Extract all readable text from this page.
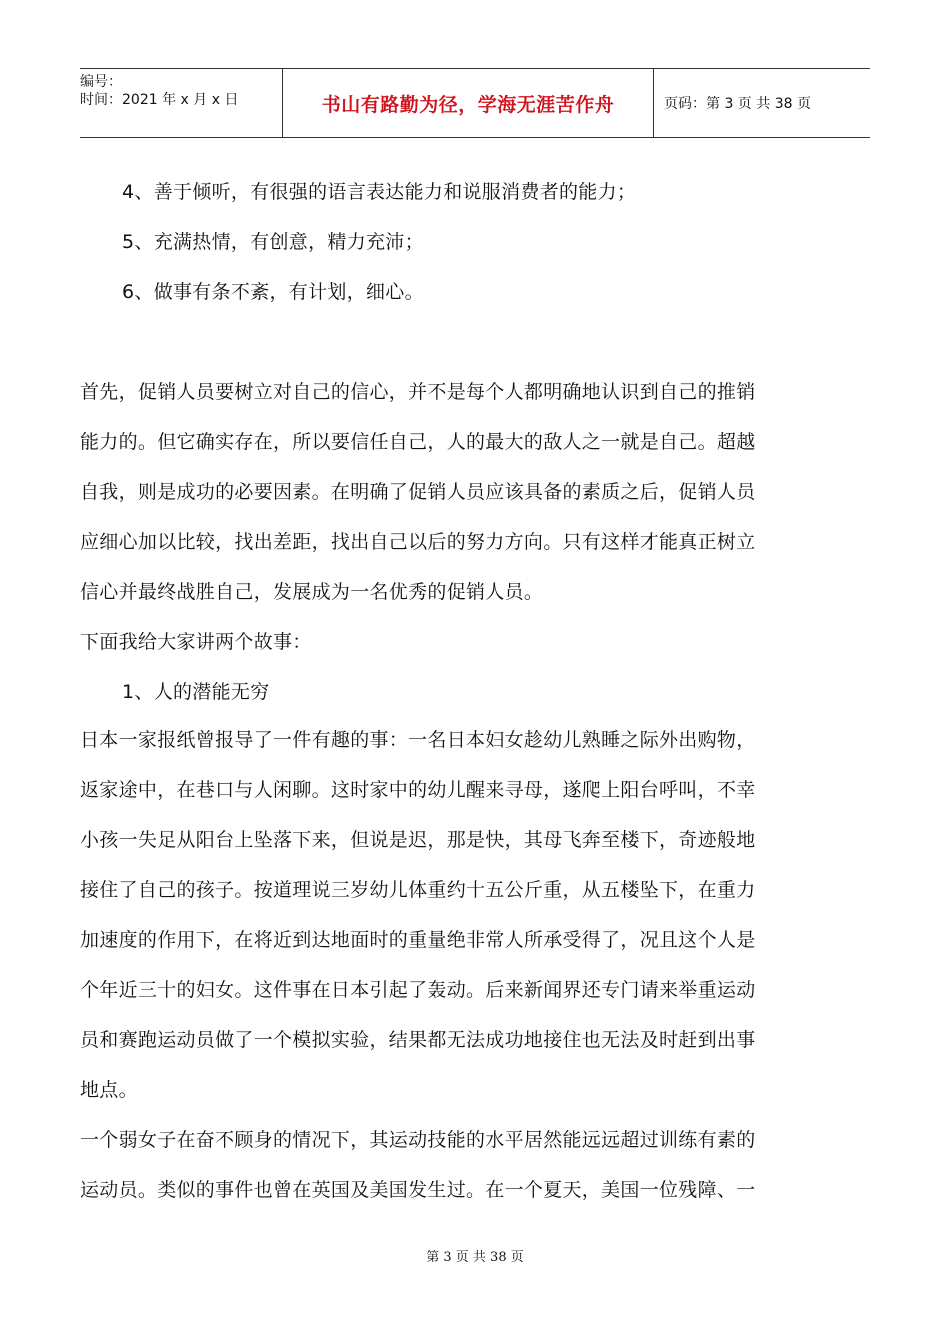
编号：
时间：2021 年 x 月 x 日	书山有路勤为径，学海无涯苦作舟	页码：第 3 页 共 38 页
4、善于倾听，有很强的语言表达能力和说服消费者的能力；
5、充满热情，有创意，精力充沛；
6、做事有条不紊，有计划，细心。
首先，促销人员要树立对自己的信心，并不是每个人都明确地认识到自己的推销
能力的。但它确实存在，所以要信任自己，人的最大的敌人之一就是自己。超越
自我，则是成功的必要因素。在明确了促销人员应该具备的素质之后，促销人员
应细心加以比较，找出差距，找出自己以后的努力方向。只有这样才能真正树立
信心并最终战胜自己，发展成为一名优秀的促销人员。
下面我给大家讲两个故事：
1、人的潜能无穷
日本一家报纸曾报导了一件有趣的事：一名日本妇女趁幼儿熟睡之际外出购物，
返家途中，在巷口与人闲聊。这时家中的幼儿醒来寻母，遂爬上阳台呼叫，不幸
小孩一失足从阳台上坠落下来，但说是迟，那是快，其母飞奔至楼下，奇迹般地
接住了自己的孩子。按道理说三岁幼儿体重约十五公斤重，从五楼坠下，在重力
加速度的作用下，在将近到达地面时的重量绝非常人所承受得了，况且这个人是
个年近三十的妇女。这件事在日本引起了轰动。后来新闻界还专门请来举重运动
员和赛跑运动员做了一个模拟实验，结果都无法成功地接住也无法及时赶到出事
地点。
一个弱女子在奋不顾身的情况下，其运动技能的水平居然能远远超过训练有素的
运动员。类似的事件也曾在英国及美国发生过。在一个夏天，美国一位残障、一
第 3 页 共 38 页
